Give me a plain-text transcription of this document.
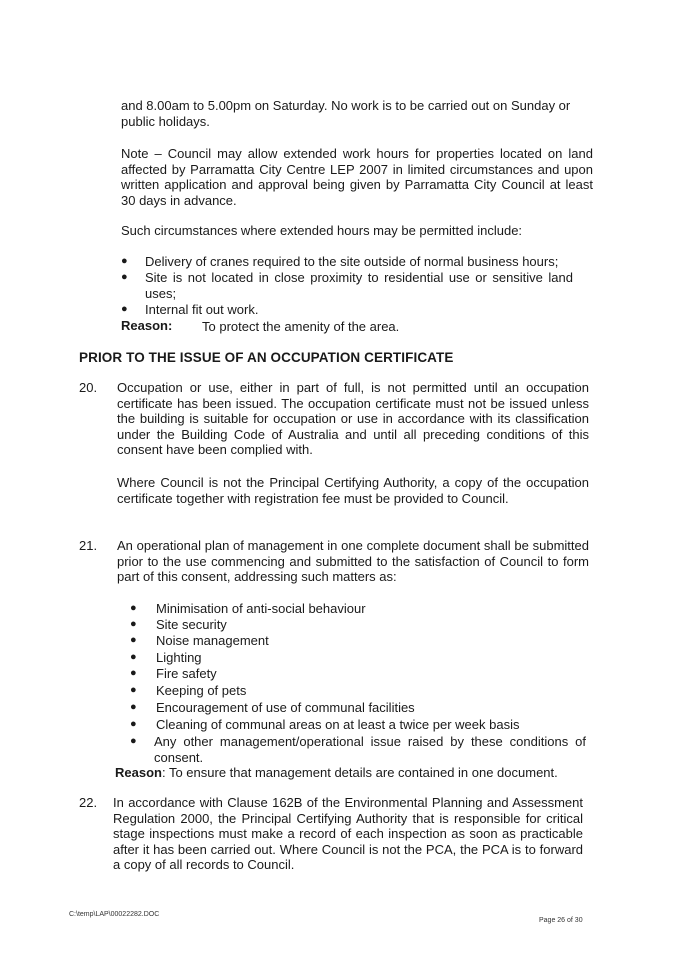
and 8.00am to 5.00pm on Saturday. No work is to be carried out on Sunday or public holidays.

Note – Council may allow extended work hours for properties located on land affected by Parramatta City Centre LEP 2007 in limited circumstances and upon written application and approval being given by Parramatta City Council at least 30 days in advance.

Such circumstances where extended hours may be permitted include:

● Delivery of cranes required to the site outside of normal business hours;
● Site is not located in close proximity to residential use or sensitive land uses;
● Internal fit out work.
Reason: To protect the amenity of the area.
PRIOR TO THE ISSUE OF AN OCCUPATION CERTIFICATE
20. Occupation or use, either in part of full, is not permitted until an occupation certificate has been issued. The occupation certificate must not be issued unless the building is suitable for occupation or use in accordance with its classification under the Building Code of Australia and until all preceding conditions of this consent have been complied with.

Where Council is not the Principal Certifying Authority, a copy of the occupation certificate together with registration fee must be provided to Council.

21. An operational plan of management in one complete document shall be submitted prior to the use commencing and submitted to the satisfaction of Council to form part of this consent, addressing such matters as:

● Minimisation of anti-social behaviour
● Site security
● Noise management
● Lighting
● Fire safety
● Keeping of pets
● Encouragement of use of communal facilities
● Cleaning of communal areas on at least a twice per week basis
● Any other management/operational issue raised by these conditions of consent.
Reason: To ensure that management details are contained in one document.
22. In accordance with Clause 162B of the Environmental Planning and Assessment Regulation 2000, the Principal Certifying Authority that is responsible for critical stage inspections must make a record of each inspection as soon as practicable after it has been carried out. Where Council is not the PCA, the PCA is to forward a copy of all records to Council.

C:\temp\LAP\00022282.DOC
Page 26 of 30
